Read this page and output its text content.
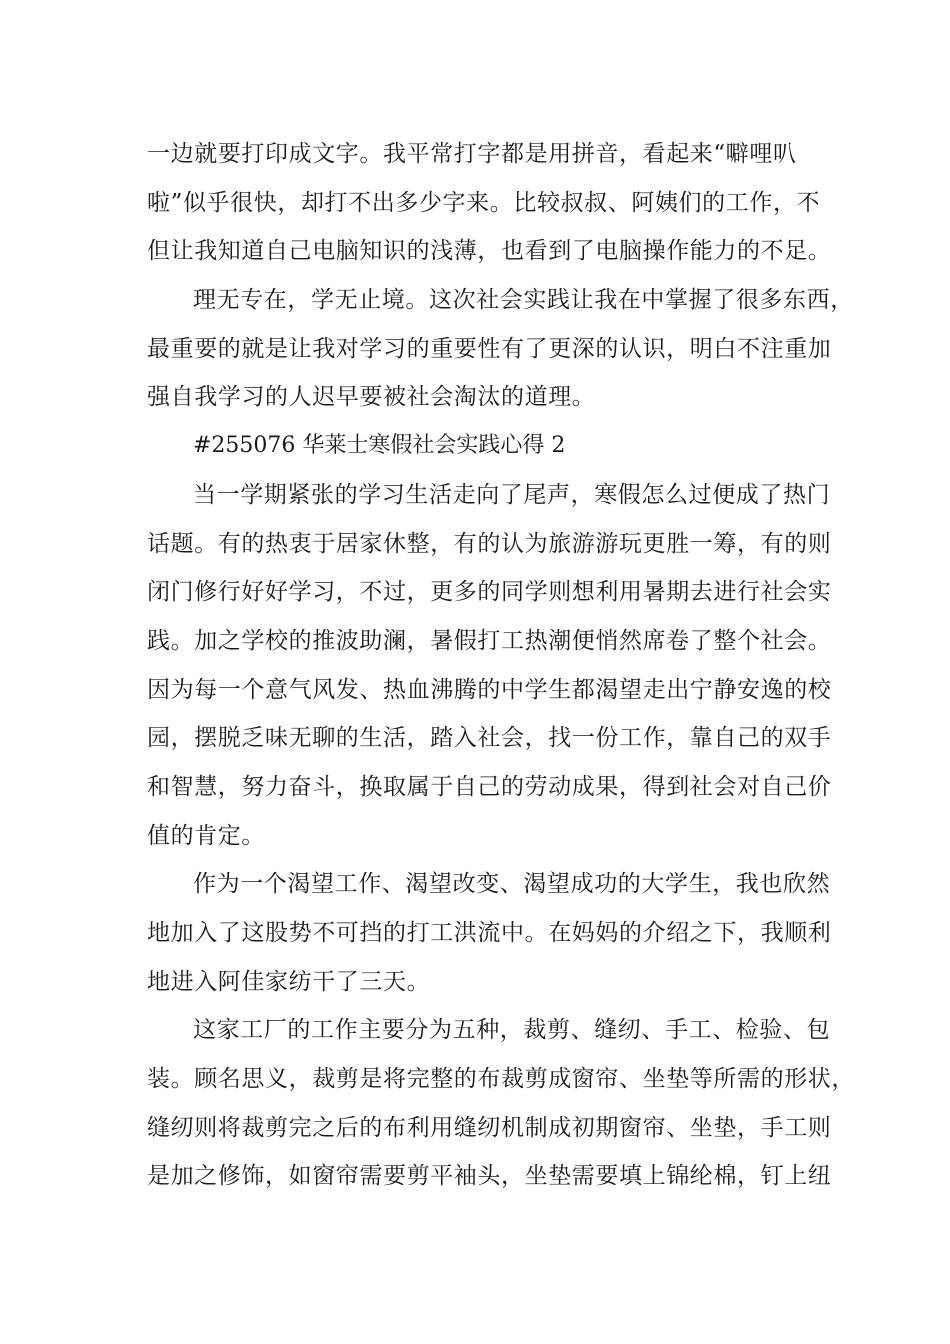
一边就要打印成文字。我平常打字都是用拼音，看起来“噼哩叭
啦”似乎很快，却打不出多少字来。比较叔叔、阿姨们的工作，不
但让我知道自己电脑知识的浅薄，也看到了电脑操作能力的不足。

理无专在，学无止境。这次社会实践让我在中掌握了很多东西，
最重要的就是让我对学习的重要性有了更深的认识，明白不注重加
强自我学习的人迟早要被社会淘汰的道理。

#255076 华莱士寒假社会实践心得 2

当一学期紧张的学习生活走向了尾声，寒假怎么过便成了热门
话题。有的热衷于居家休整，有的认为旅游游玩更胜一筹，有的则
闭门修行好好学习，不过，更多的同学则想利用暑期去进行社会实
践。加之学校的推波助澜，暑假打工热潮便悄然席卷了整个社会。
因为每一个意气风发、热血沸腾的中学生都渴望走出宁静安逸的校
园，摆脱乏味无聊的生活，踏入社会，找一份工作，靠自己的双手
和智慧，努力奋斗，换取属于自己的劳动成果，得到社会对自己价
值的肯定。

作为一个渴望工作、渴望改变、渴望成功的大学生，我也欣然
地加入了这股势不可挡的打工洪流中。在妈妈的介绍之下，我顺利
地进入阿佳家纺干了三天。

这家工厂的工作主要分为五种，裁剪、缝纫、手工、检验、包
装。顾名思义，裁剪是将完整的布裁剪成窗帘、坐垫等所需的形状，
缝纫则将裁剪完之后的布利用缝纫机制成初期窗帘、坐垫，手工则
是加之修饰，如窗帘需要剪平袖头，坐垫需要填上锦纶棉，钉上纽
